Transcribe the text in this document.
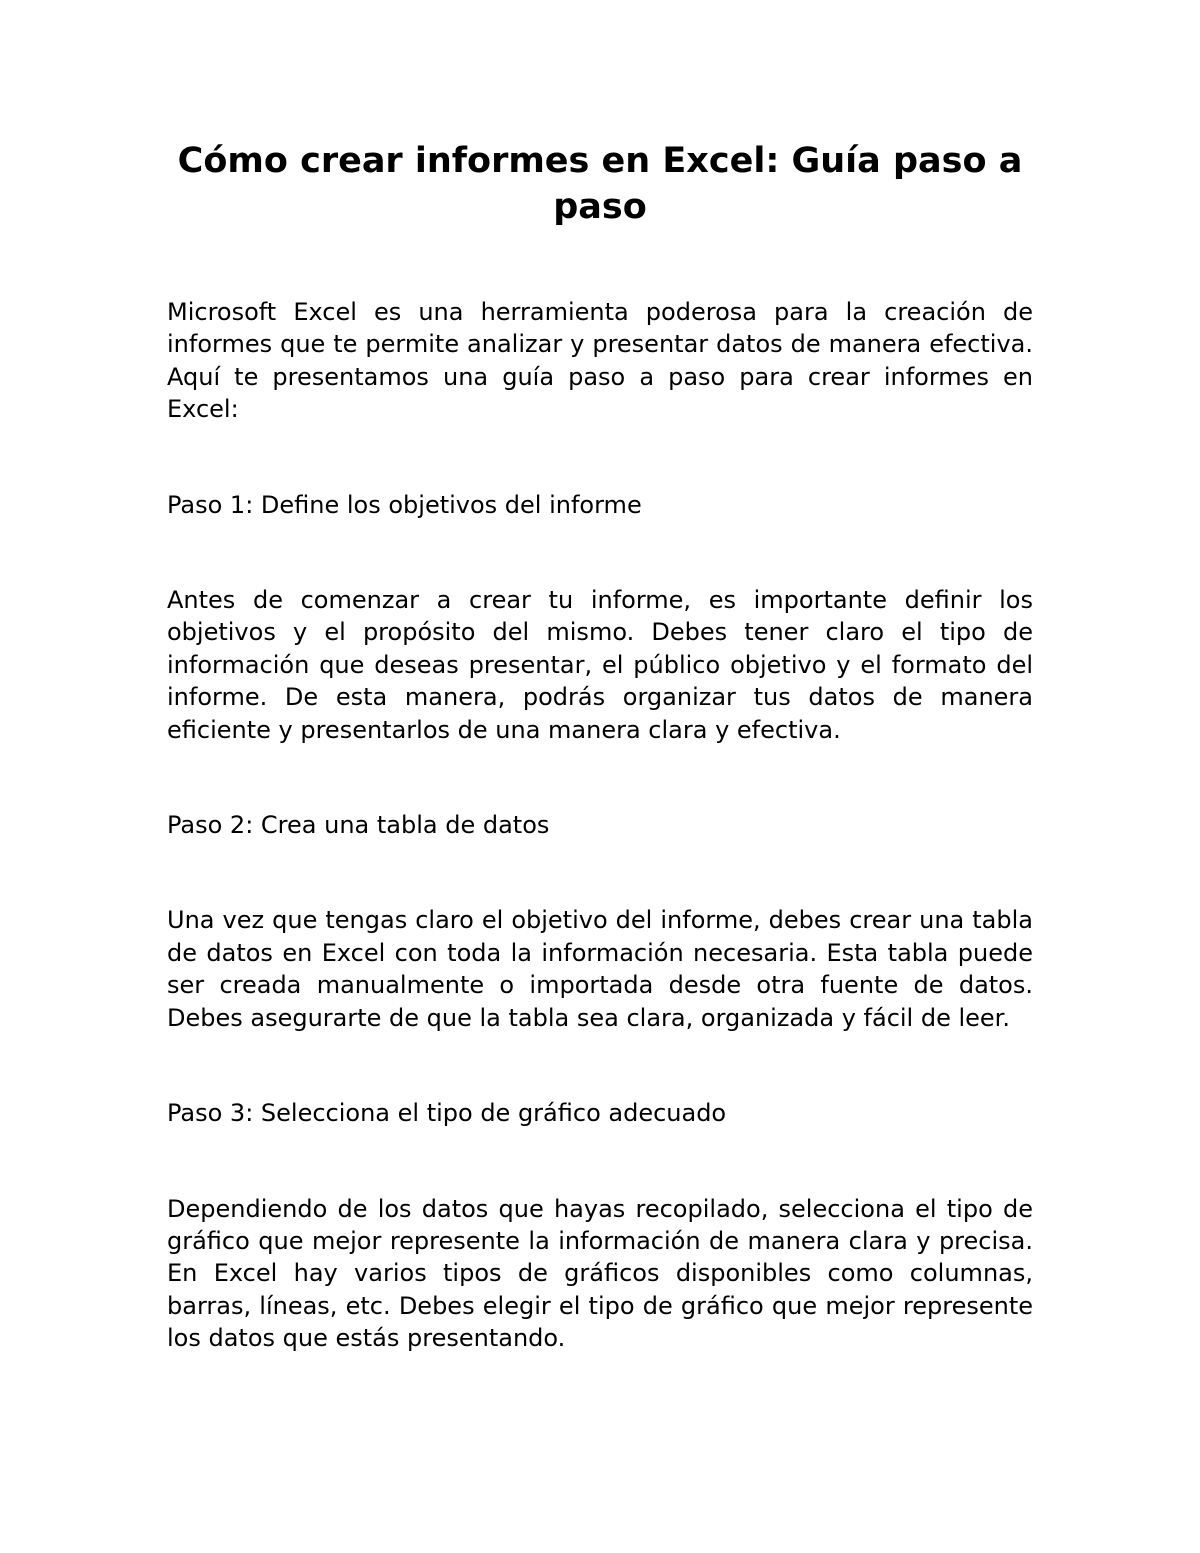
Cómo crear informes en Excel: Guía paso a paso

Microsoft Excel es una herramienta poderosa para la creación de informes que te permite analizar y presentar datos de manera efectiva. Aquí te presentamos una guía paso a paso para crear informes en Excel:

Paso 1: Define los objetivos del informe

Antes de comenzar a crear tu informe, es importante definir los objetivos y el propósito del mismo. Debes tener claro el tipo de información que deseas presentar, el público objetivo y el formato del informe. De esta manera, podrás organizar tus datos de manera eficiente y presentarlos de una manera clara y efectiva.

Paso 2: Crea una tabla de datos

Una vez que tengas claro el objetivo del informe, debes crear una tabla de datos en Excel con toda la información necesaria. Esta tabla puede ser creada manualmente o importada desde otra fuente de datos. Debes asegurarte de que la tabla sea clara, organizada y fácil de leer.

Paso 3: Selecciona el tipo de gráfico adecuado

Dependiendo de los datos que hayas recopilado, selecciona el tipo de gráfico que mejor represente la información de manera clara y precisa. En Excel hay varios tipos de gráficos disponibles como columnas, barras, líneas, etc. Debes elegir el tipo de gráfico que mejor represente los datos que estás presentando.
